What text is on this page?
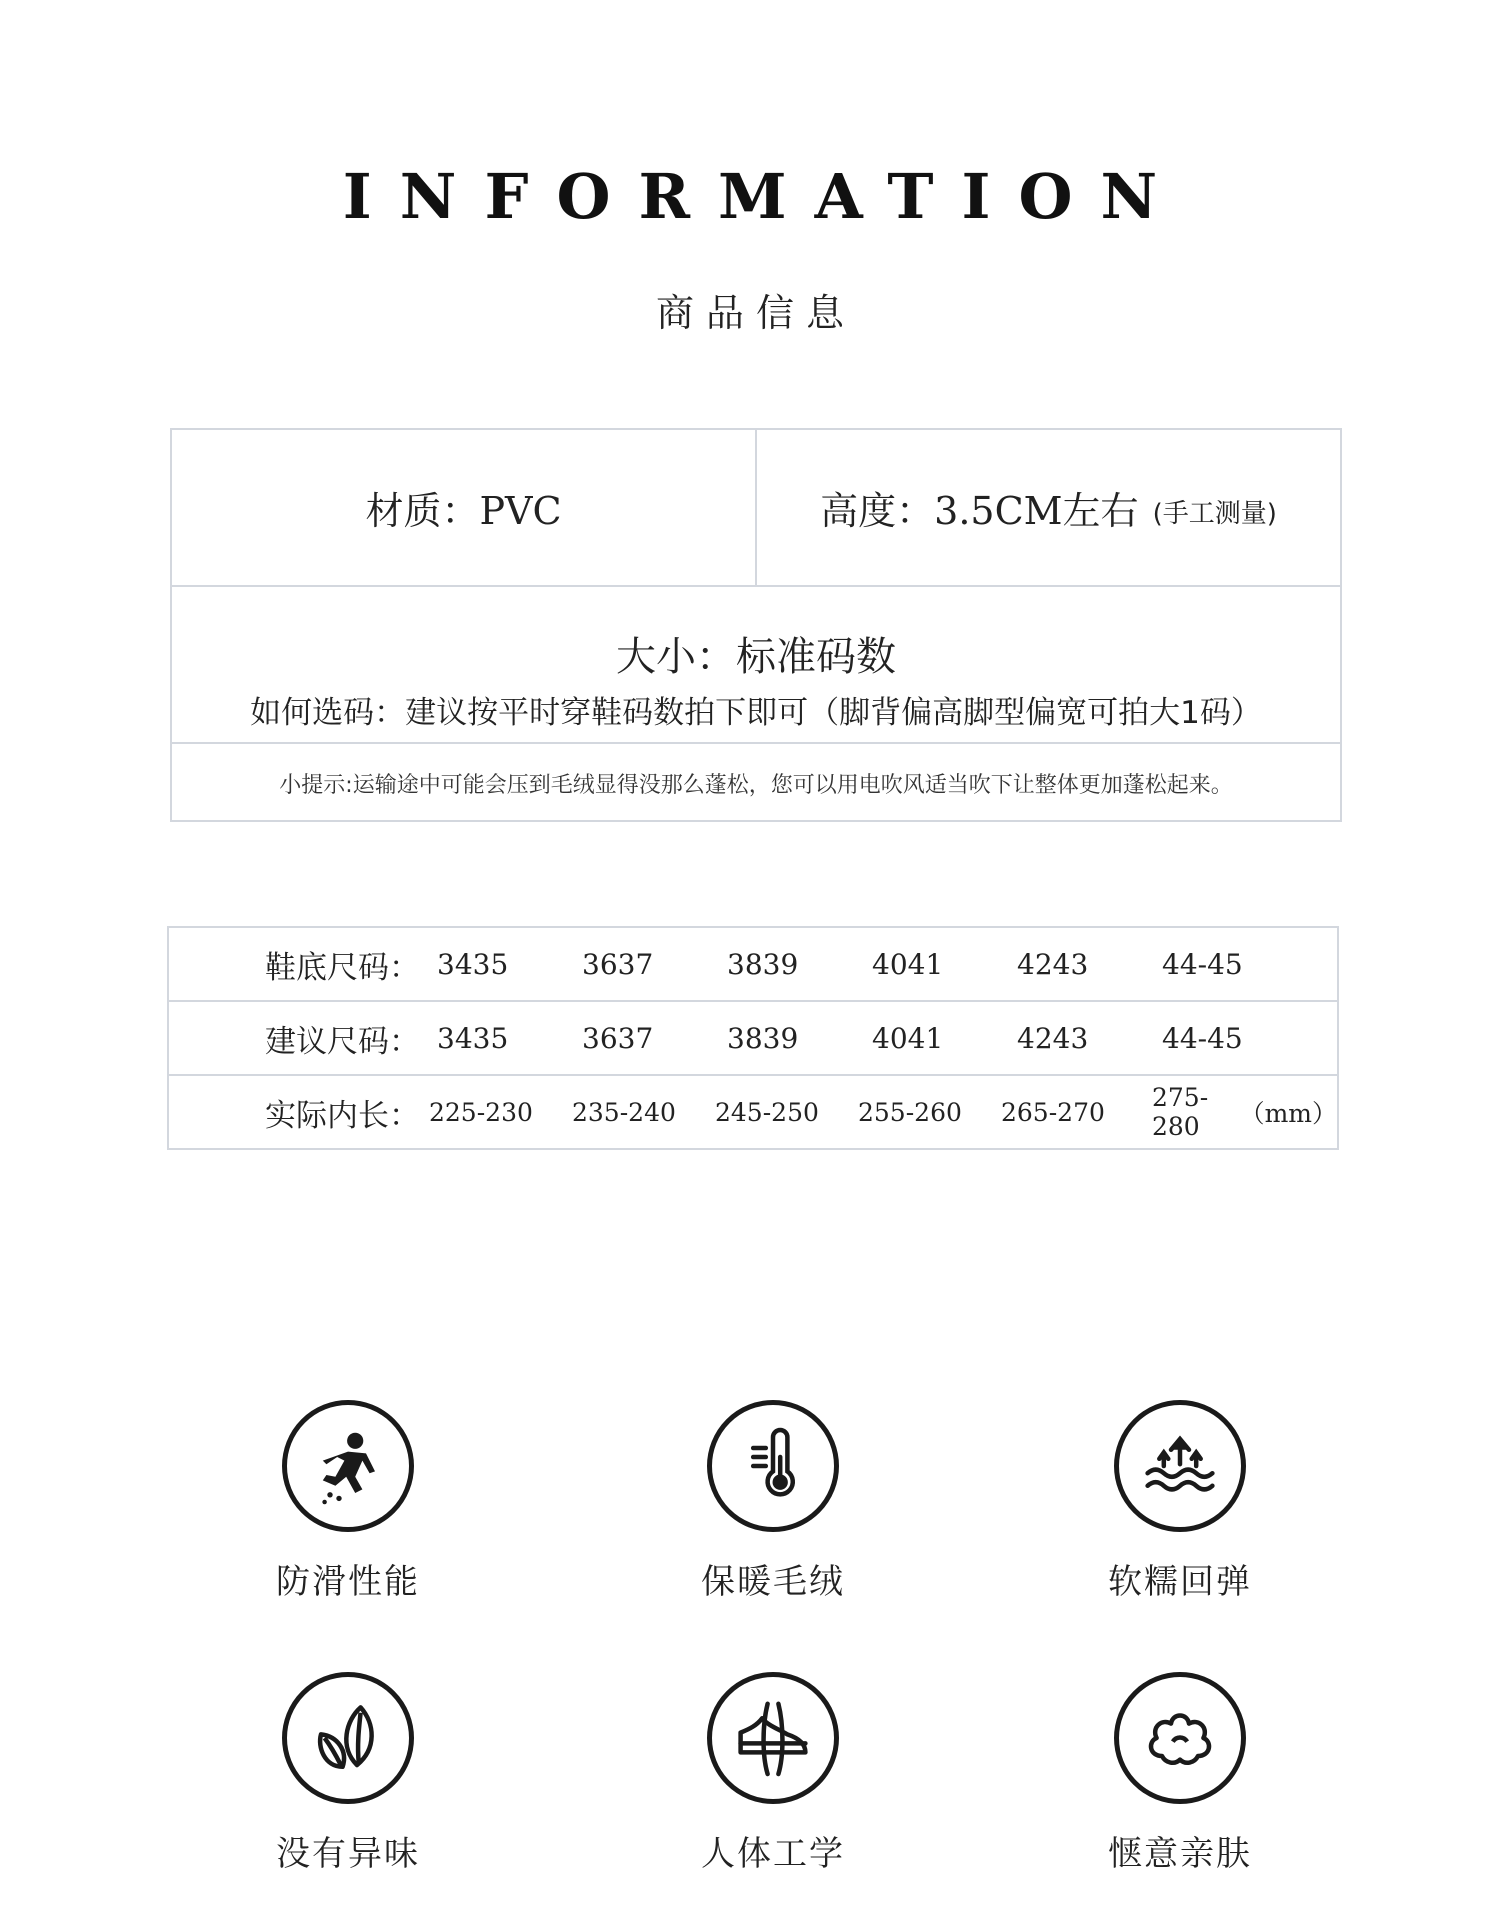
INFORMATION
商品信息
材质：PVC	高度：3.5CM左右 (手工测量)
大小：标准码数
如何选码：建议按平时穿鞋码数拍下即可（脚背偏高脚型偏宽可拍大1码）
小提示:运输途中可能会压到毛绒显得没那么蓬松，您可以用电吹风适当吹下让整体更加蓬松起来。
鞋底尺码： 3435	3637	3839	4041	4243	44-45
建议尺码： 3435	3637	3839	4041	4243	44-45
实际内长： 225-230 235-240 245-250 255-260 265-270 275-280	（mm）
防滑性能	保暖毛绒	软糯回弹
没有异味	人体工学	惬意亲肤
